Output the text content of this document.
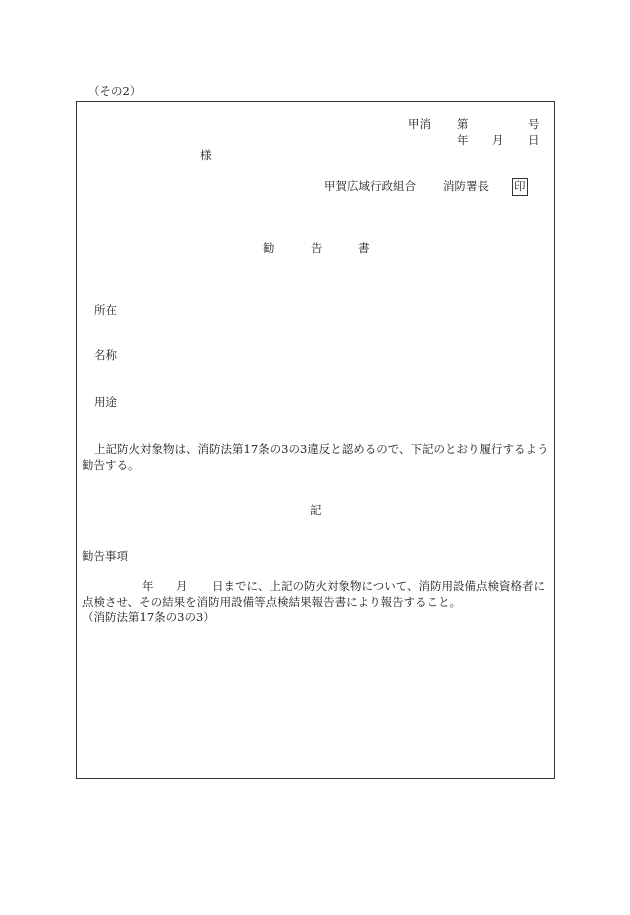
（その2）
甲消 第	号
年 月 日
様
甲賀広域行政組合 消防署長 印
勧	告	書
所在
名称
用途
上記防火対象物は、消防法第17条の3の3違反と認めるので、下記のとおり履行するよう
勧告する。
記
勧告事項
年 月 日までに、上記の防火対象物について、消防用設備点検資格者に
点検させ、その結果を消防用設備等点検結果報告書により報告すること。
（消防法第17条の3の3）
